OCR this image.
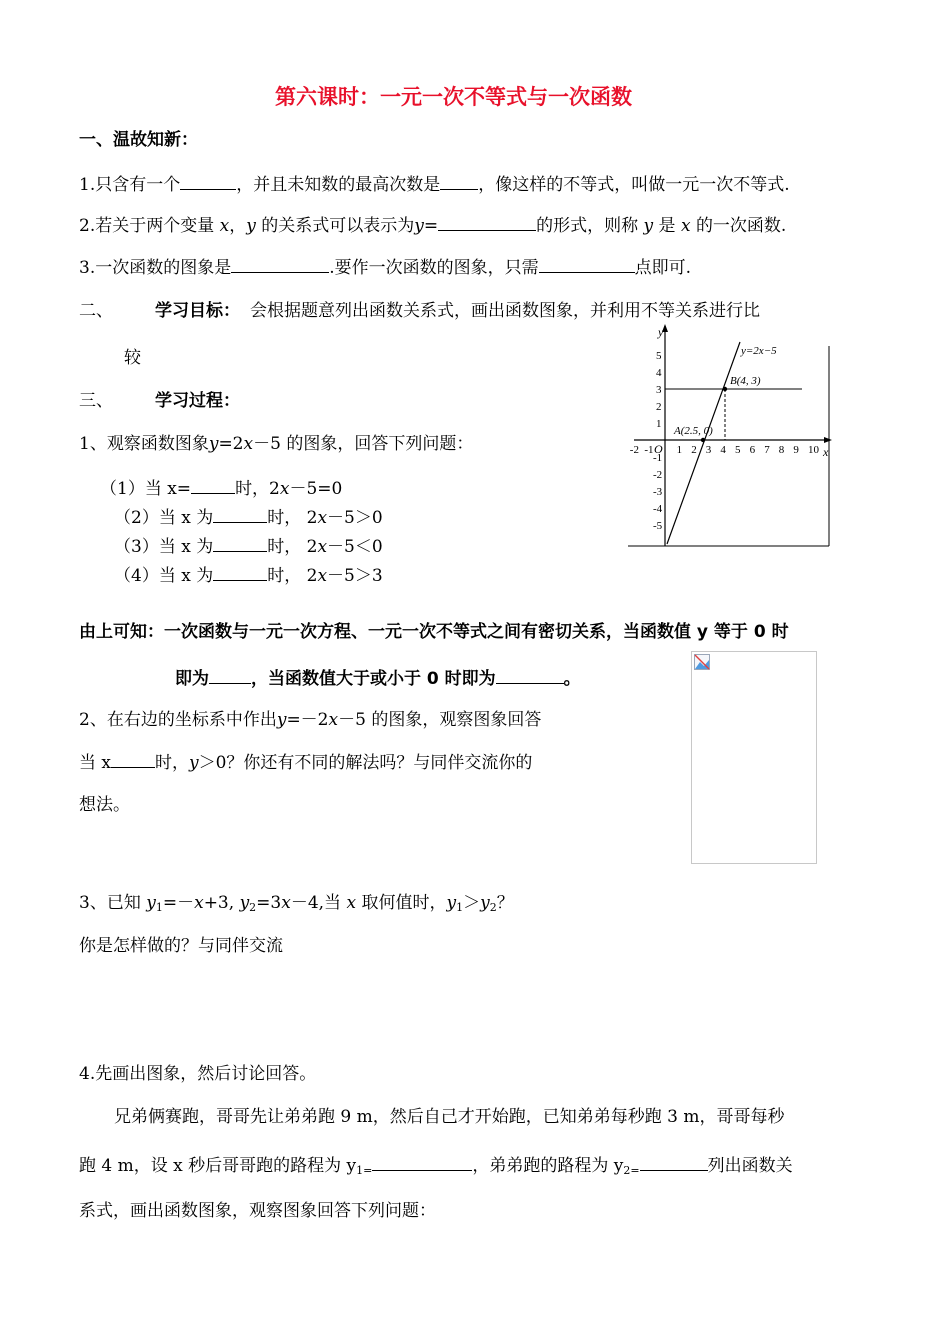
第六课时：一元一次不等式与一次函数
一、温故知新：
1.只含有一个	，并且未知数的最高次数是 ，像这样的不等式，叫做一元一次不等式.
2.若关于两个变量 x，y 的关系式可以表示为y=	的形式，则称 y 是 x 的一次函数.
3.一次函数的图象是	.要作一次函数的图象，只需	点即可.
二、 学习目标： 会根据题意列出函数关系式，画出函数图象，并利用不等关系进行比
较
三、 学习过程：
1、观察函数图象y=2x－5 的图象，回答下列问题：
（1）当 x=	时，2x－5=0
（2）当 x 为	时， 2x－5＞0
（3）当 x 为	时， 2x－5＜0
（4）当 x 为	时， 2x－5＞3
y
x
O
y=2x−5
B(4, 3)
A(2.5, 0)
-2 -1 1 2 3 4 5 6 7 8 9 10
5
4
3
2
1
-1
-2
-3
-4
-5
由上可知：一次函数与一元一次方程、一元一次不等式之间有密切关系，当函数值 y 等于 0 时
即为 ，当函数值大于或小于 0 时即为	。
2、在右边的坐标系中作出y=－2x－5 的图象，观察图象回答
当 x	时，y＞0？你还有不同的解法吗？与同伴交流你的
想法。
3、已知 $y_1=-x+3$, $y_2=3x-4$,当 x 取何值时，$y_1>y_2$？
你是怎样做的？与同伴交流
4.先画出图象，然后讨论回答。
兄弟俩赛跑，哥哥先让弟弟跑 9 m，然后自己才开始跑，已知弟弟每秒跑 3 m，哥哥每秒
跑 4 m，设 x 秒后哥哥跑的路程为 $y_{1=}$	，弟弟跑的路程为 $y_{2=}$	列出函数关
系式，画出函数图象，观察图象回答下列问题：
